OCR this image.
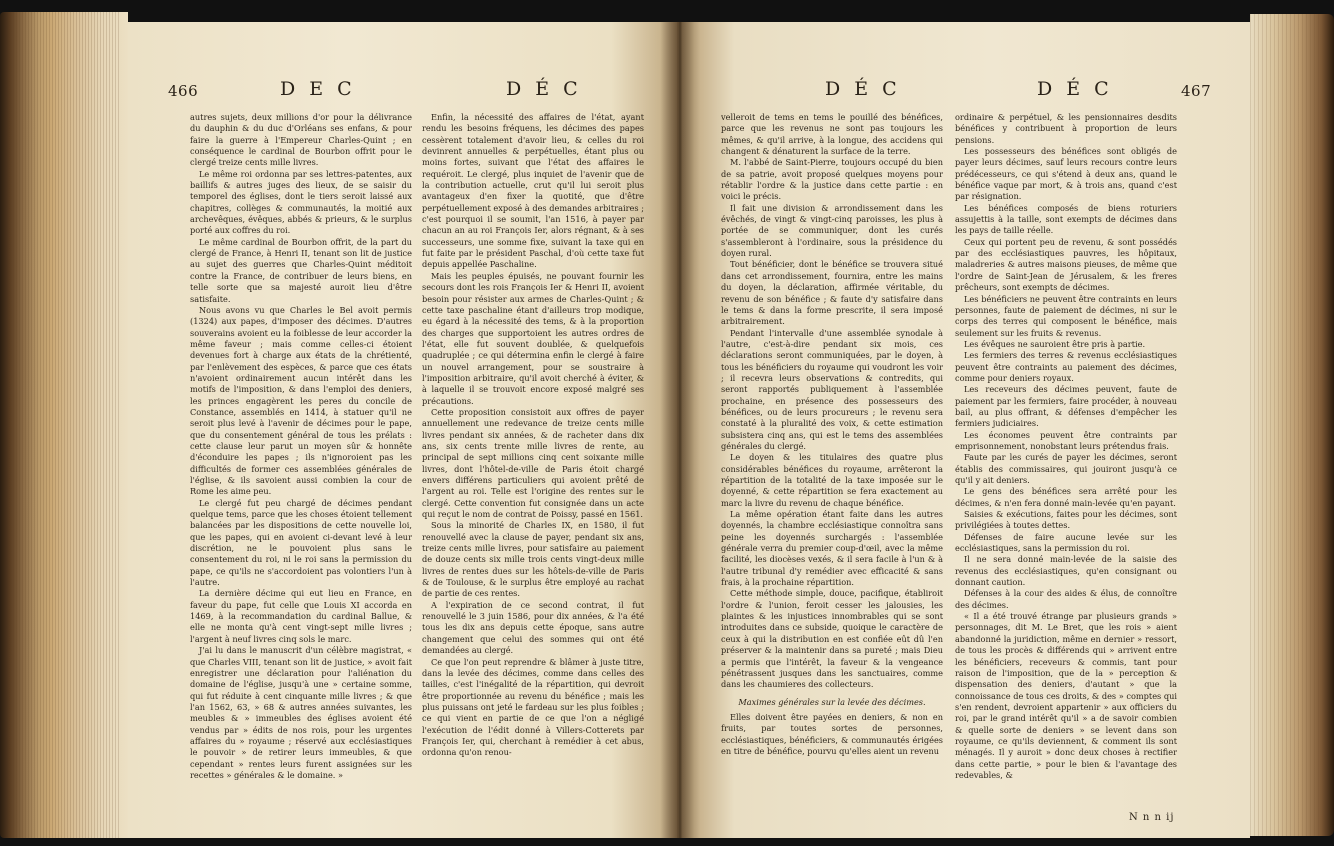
466	D E C	D É C

autres sujets, deux millions d'or pour la délivrance du dauphin & du duc d'Orléans ses enfans, & pour faire la guerre à l'Empereur Charles-Quint ; en conséquence le cardinal de Bourbon offrit pour le clergé treize cents mille livres.

Le même roi ordonna par ses lettres-patentes, aux baillifs & autres juges des lieux, de se saisir du temporel des églises, dont le tiers seroit laissé aux chapitres, collèges & communautés, la moitié aux archevêques, évêques, abbés & prieurs, & le surplus porté aux coffres du roi.

Le même cardinal de Bourbon offrit, de la part du clergé de France, à Henri II, tenant son lit de justice au sujet des guerres que Charles-Quint méditoit contre la France, de contribuer de leurs biens, en telle sorte que sa majesté auroit lieu d'être satisfaite.

Nous avons vu que Charles le Bel avoit permis (1324) aux papes, d'imposer des décimes. D'autres souverains avoient eu la foiblesse de leur accorder la même faveur ; mais comme celles-ci étoient devenues fort à charge aux états de la chrétienté, par l'enlèvement des espèces, & parce que ces états n'avoient ordinairement aucun intérêt dans les motifs de l'imposition, & dans l'emploi des deniers, les princes engagèrent les peres du concile de Constance, assemblés en 1414, à statuer qu'il ne seroit plus levé à l'avenir de décimes pour le pape, que du consentement général de tous les prélats : cette clause leur parut un moyen sûr & honnête d'éconduire les papes ; ils n'ignoroient pas les difficultés de former ces assemblées générales de l'église, & ils savoient aussi combien la cour de Rome les aime peu.

Le clergé fut peu chargé de décimes pendant quelque tems, parce que les choses étoient tellement balancées par les dispositions de cette nouvelle loi, que les papes, qui en avoient ci-devant levé à leur discrétion, ne le pouvoient plus sans le consentement du roi, ni le roi sans la permission du pape, ce qu'ils ne s'accordoient pas volontiers l'un à l'autre.

La dernière décime qui eut lieu en France, en faveur du pape, fut celle que Louis XI accorda en 1469, à la recommandation du cardinal Ballue, & elle ne monta qu'à cent vingt-sept mille livres ; l'argent à neuf livres cinq sols le marc.

J'ai lu dans le manuscrit d'un célèbre magistrat, « que Charles VIII, tenant son lit de justice, » avoit fait enregistrer une déclaration pour l'aliénation du domaine de l'église, jusqu'à une » certaine somme, qui fut réduite à cent cinquante mille livres ; & que l'an 1562, 63, » 68 & autres années suivantes, les meubles & » immeubles des églises avoient été vendus par » édits de nos rois, pour les urgentes affaires du » royaume ; réservé aux ecclésiastiques le pouvoir » de retirer leurs immeubles, & que cependant » rentes leurs furent assignées sur les recettes » générales & le domaine. »

Enfin, la nécessité des affaires de l'état, ayant rendu les besoins fréquens, les décimes des papes cessèrent totalement d'avoir lieu, & celles du roi devinrent annuelles & perpétuelles, étant plus ou moins fortes, suivant que l'état des affaires le requéroit. Le clergé, plus inquiet de l'avenir que de la contribution actuelle, crut qu'il lui seroit plus avantageux d'en fixer la quotité, que d'être perpétuellement exposé à des demandes arbitraires ; c'est pourquoi il se soumit, l'an 1516, à payer par chacun an au roi François Ier, alors régnant, & à ses successeurs, une somme fixe, suivant la taxe qui en fut faite par le président Paschal, d'où cette taxe fut depuis appellée Paschaline.

Mais les peuples épuisés, ne pouvant fournir les secours dont les rois François Ier & Henri II, avoient besoin pour résister aux armes de Charles-Quint ; & cette taxe paschaline étant d'ailleurs trop modique, eu égard à la nécessité des tems, & à la proportion des charges que supportoient les autres ordres de l'état, elle fut souvent doublée, & quelquefois quadruplée ; ce qui détermina enfin le clergé à faire un nouvel arrangement, pour se soustraire à l'imposition arbitraire, qu'il avoit cherché à éviter, & à laquelle il se trouvoit encore exposé malgré ses précautions.

Cette proposition consistoit aux offres de payer annuellement une redevance de treize cents mille livres pendant six années, & de racheter dans dix ans, six cents trente mille livres de rente, au principal de sept millions cinq cent soixante mille livres, dont l'hôtel-de-ville de Paris étoit chargé envers différens particuliers qui avoient prêté de l'argent au roi. Telle est l'origine des rentes sur le clergé. Cette convention fut consignée dans un acte qui reçut le nom de contrat de Poissy, passé en 1561.

Sous la minorité de Charles IX, en 1580, il fut renouvellé avec la clause de payer, pendant six ans, treize cents mille livres, pour satisfaire au paiement de douze cents six mille trois cents vingt-deux mille livres de rentes dues sur les hôtels-de-ville de Paris & de Toulouse, & le surplus être employé au rachat de partie de ces rentes.

A l'expiration de ce second contrat, il fut renouvellé le 3 juin 1586, pour dix années, & l'a été tous les dix ans depuis cette époque, sans autre changement que celui des sommes qui ont été demandées au clergé.

Ce que l'on peut reprendre & blâmer à juste titre, dans la levée des décimes, comme dans celles des tailles, c'est l'inégalité de la répartition, qui devroit être proportionnée au revenu du bénéfice ; mais les plus puissans ont jeté le fardeau sur les plus foibles ; ce qui vient en partie de ce que l'on a négligé l'exécution de l'édit donné à Villers-Cotterets par François Ier, qui, cherchant à remédier à cet abus, ordonna qu'on renou-

D É C	D É C	467

velleroit de tems en tems le pouillé des bénéfices, parce que les revenus ne sont pas toujours les mêmes, & qu'il arrive, à la longue, des accidens qui changent & dénaturent la surface de la terre.

M. l'abbé de Saint-Pierre, toujours occupé du bien de sa patrie, avoit proposé quelques moyens pour rétablir l'ordre & la justice dans cette partie : en voici le précis.

Il fait une division & arrondissement dans les évêchés, de vingt & vingt-cinq paroisses, les plus à portée de se communiquer, dont les curés s'assembleront à l'ordinaire, sous la présidence du doyen rural.

Tout bénéficier, dont le bénéfice se trouvera situé dans cet arrondissement, fournira, entre les mains du doyen, la déclaration, affirmée véritable, du revenu de son bénéfice ; & faute d'y satisfaire dans le tems & dans la forme prescrite, il sera imposé arbitrairement.

Pendant l'intervalle d'une assemblée synodale à l'autre, c'est-à-dire pendant six mois, ces déclarations seront communiquées, par le doyen, à tous les bénéficiers du royaume qui voudront les voir ; il recevra leurs observations & contredits, qui seront rapportés publiquement à l'assemblée prochaine, en présence des possesseurs des bénéfices, ou de leurs procureurs ; le revenu sera constaté à la pluralité des voix, & cette estimation subsistera cinq ans, qui est le tems des assemblées générales du clergé.

Le doyen & les titulaires des quatre plus considérables bénéfices du royaume, arrêteront la répartition de la totalité de la taxe imposée sur le doyenné, & cette répartition se fera exactement au marc la livre du revenu de chaque bénéfice.

La même opération étant faite dans les autres doyennés, la chambre ecclésiastique connoîtra sans peine les doyennés surchargés : l'assemblée générale verra du premier coup-d'œil, avec la même facilité, les diocèses vexés, & il sera facile à l'un & à l'autre tribunal d'y remédier avec efficacité & sans frais, à la prochaine répartition.

Cette méthode simple, douce, pacifique, établiroit l'ordre & l'union, feroit cesser les jalousies, les plaintes & les injustices innombrables qui se sont introduites dans ce subside, quoique le caractère de ceux à qui la distribution en est confiée eût dû l'en préserver & la maintenir dans sa pureté ; mais Dieu a permis que l'intérêt, la faveur & la vengeance pénétrassent jusques dans les sanctuaires, comme dans les chaumieres des collecteurs.

Maximes générales sur la levée des décimes.

Elles doivent être payées en deniers, & non en fruits, par toutes sortes de personnes, ecclésiastiques, bénéficiers, & communautés érigées en titre de bénéfice, pourvu qu'elles aient un revenu

ordinaire & perpétuel, & les pensionnaires desdits bénéfices y contribuent à proportion de leurs pensions.

Les possesseurs des bénéfices sont obligés de payer leurs décimes, sauf leurs recours contre leurs prédécesseurs, ce qui s'étend à deux ans, quand le bénéfice vaque par mort, & à trois ans, quand c'est par résignation.

Les bénéfices composés de biens roturiers assujettis à la taille, sont exempts de décimes dans les pays de taille réelle.

Ceux qui portent peu de revenu, & sont possédés par des ecclésiastiques pauvres, les hôpitaux, maladreries & autres maisons pieuses, de même que l'ordre de Saint-Jean de Jérusalem, & les freres prêcheurs, sont exempts de décimes.

Les bénéficiers ne peuvent être contraints en leurs personnes, faute de paiement de décimes, ni sur le corps des terres qui composent le bénéfice, mais seulement sur les fruits & revenus.

Les évêques ne sauroient être pris à partie.

Les fermiers des terres & revenus ecclésiastiques peuvent être contraints au paiement des décimes, comme pour deniers royaux.

Les receveurs des décimes peuvent, faute de paiement par les fermiers, faire procéder, à nouveau bail, au plus offrant, & défenses d'empêcher les fermiers judiciaires.

Les économes peuvent être contraints par emprisonnement, nonobstant leurs prétendus frais.

Faute par les curés de payer les décimes, seront établis des commissaires, qui jouiront jusqu'à ce qu'il y ait deniers.

Le gens des bénéfices sera arrêté pour les décimes, & n'en fera donné main-levée qu'en payant.

Saisies & exécutions, faites pour les décimes, sont privilégiées à toutes dettes.

Défenses de faire aucune levée sur les ecclésiastiques, sans la permission du roi.

Il ne sera donné main-levée de la saisie des revenus des ecclésiastiques, qu'en consignant ou donnant caution.

Défenses à la cour des aides & élus, de connoître des décimes.

« Il a été trouvé étrange par plusieurs grands » personnages, dit M. Le Bret, que les rois » aient abandonné la juridiction, même en dernier » ressort, de tous les procès & différends qui » arrivent entre les bénéficiers, receveurs & commis, tant pour raison de l'imposition, que de la » perception & dispensation des deniers, d'autant » que la connoissance de tous ces droits, & des » comptes qui s'en rendent, devroient appartenir » aux officiers du roi, par le grand intérêt qu'il » a de savoir combien & quelle sorte de deniers » se levent dans son royaume, ce qu'ils deviennent, & comment ils sont ménagés. Il y auroit » donc deux choses à rectifier dans cette partie, » pour le bien & l'avantage des redevables, &

N n n ij
